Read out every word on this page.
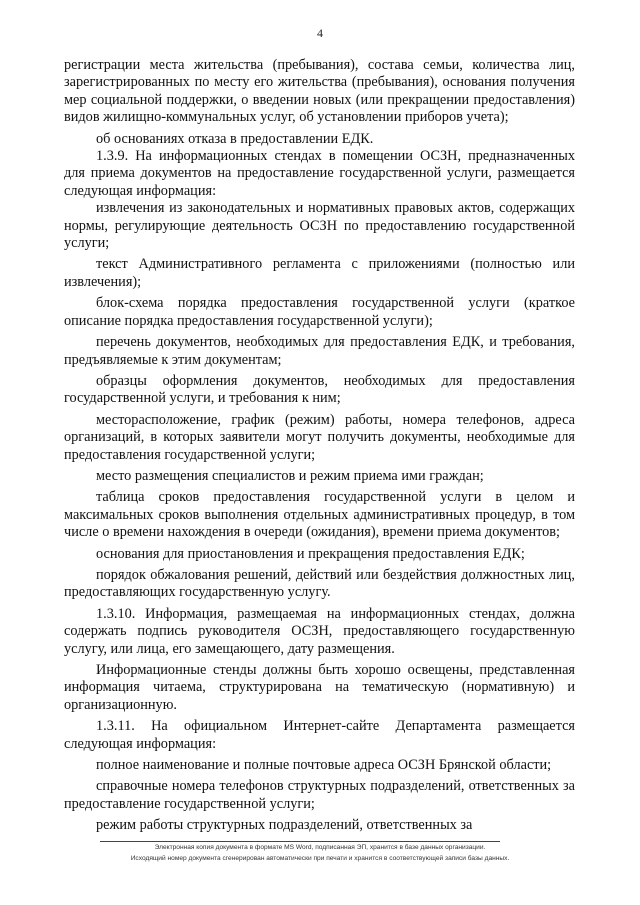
4

регистрации места жительства (пребывания), состава семьи, количества лиц, зарегистрированных по месту его жительства (пребывания), основания получения мер социальной поддержки, о введении новых (или прекращении предоставления) видов жилищно-коммунальных услуг, об установлении приборов учета);

об основаниях отказа в предоставлении ЕДК.

1.3.9. На информационных стендах в помещении ОСЗН, предназначенных для приема документов на предоставление государственной услуги, размещается следующая информация:

извлечения из законодательных и нормативных правовых актов, содержащих нормы, регулирующие деятельность ОСЗН по предоставлению государственной услуги;

текст Административного регламента с приложениями (полностью или извлечения);

блок-схема порядка предоставления государственной услуги (краткое описание порядка предоставления государственной услуги);

перечень документов, необходимых для предоставления ЕДК, и требования, предъявляемые к этим документам;

образцы оформления документов, необходимых для предоставления государственной услуги, и требования к ним;

месторасположение, график (режим) работы, номера телефонов, адреса организаций, в которых заявители могут получить документы, необходимые для предоставления государственной услуги;

место размещения специалистов и режим приема ими граждан;

таблица сроков предоставления государственной услуги в целом и максимальных сроков выполнения отдельных административных процедур, в том числе о времени нахождения в очереди (ожидания), времени приема документов;

основания для приостановления и прекращения предоставления ЕДК;

порядок обжалования решений, действий или бездействия должностных лиц, предоставляющих государственную услугу.

1.3.10. Информация, размещаемая на информационных стендах, должна содержать подпись руководителя ОСЗН, предоставляющего государственную услугу, или лица, его замещающего, дату размещения.

Информационные стенды должны быть хорошо освещены, представленная информация читаема, структурирована на тематическую (нормативную) и организационную.

1.3.11. На официальном Интернет-сайте Департамента размещается следующая информация:

полное наименование и полные почтовые адреса ОСЗН Брянской области;

справочные номера телефонов структурных подразделений, ответственных за предоставление государственной услуги;

режим работы структурных подразделений, ответственных за

Электронная копия документа в формате MS Word, подписанная ЭП, хранится в базе данных организации.
Исходящий номер документа сгенерирован автоматически при печати и хранится в соответствующей записи базы данных.
